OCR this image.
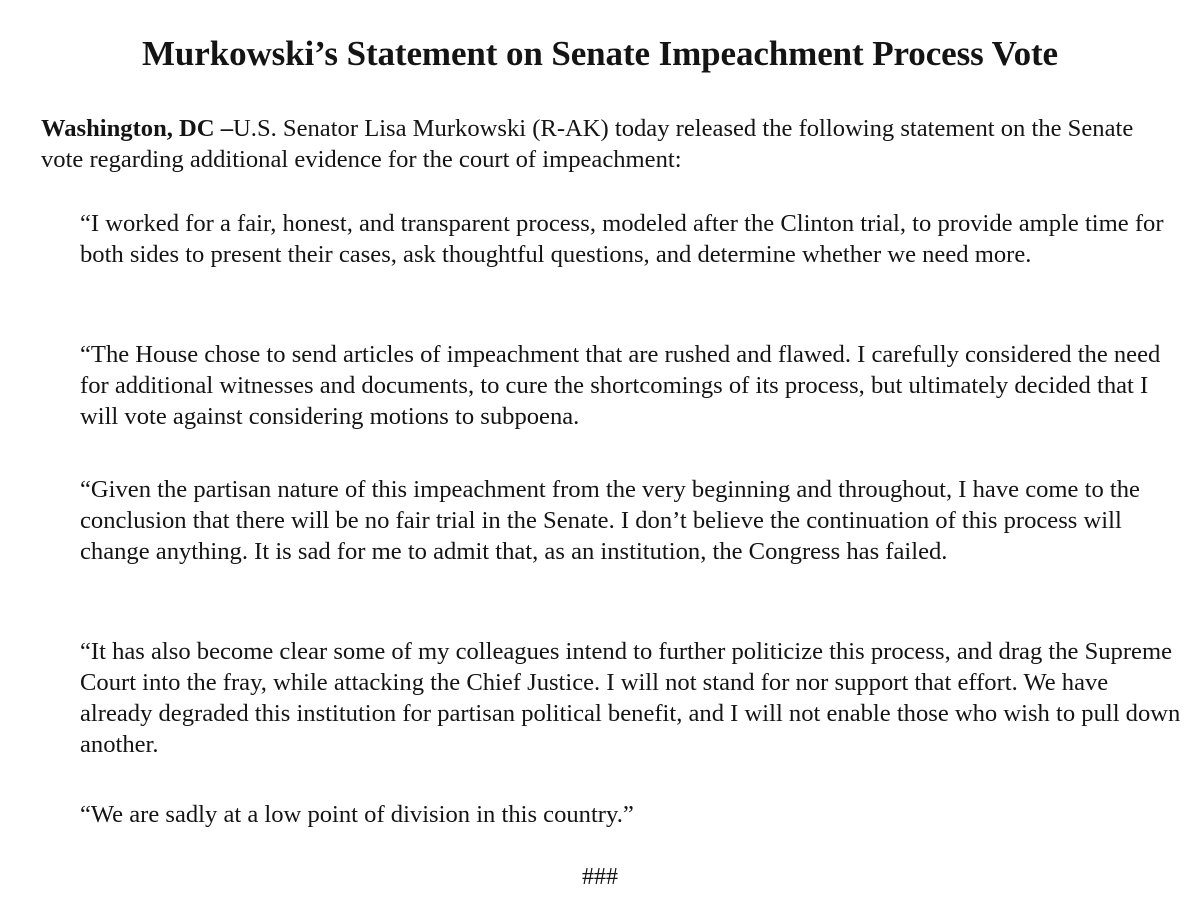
Murkowski’s Statement on Senate Impeachment Process Vote

Washington, DC –U.S. Senator Lisa Murkowski (R-AK) today released the following statement on the Senate vote regarding additional evidence for the court of impeachment:

“I worked for a fair, honest, and transparent process, modeled after the Clinton trial, to provide ample time for both sides to present their cases, ask thoughtful questions, and determine whether we need more.

“The House chose to send articles of impeachment that are rushed and flawed. I carefully considered the need for additional witnesses and documents, to cure the shortcomings of its process, but ultimately decided that I will vote against considering motions to subpoena.

“Given the partisan nature of this impeachment from the very beginning and throughout, I have come to the conclusion that there will be no fair trial in the Senate. I don’t believe the continuation of this process will change anything. It is sad for me to admit that, as an institution, the Congress has failed.

“It has also become clear some of my colleagues intend to further politicize this process, and drag the Supreme Court into the fray, while attacking the Chief Justice. I will not stand for nor support that effort. We have already degraded this institution for partisan political benefit, and I will not enable those who wish to pull down another.

“We are sadly at a low point of division in this country.”

###
